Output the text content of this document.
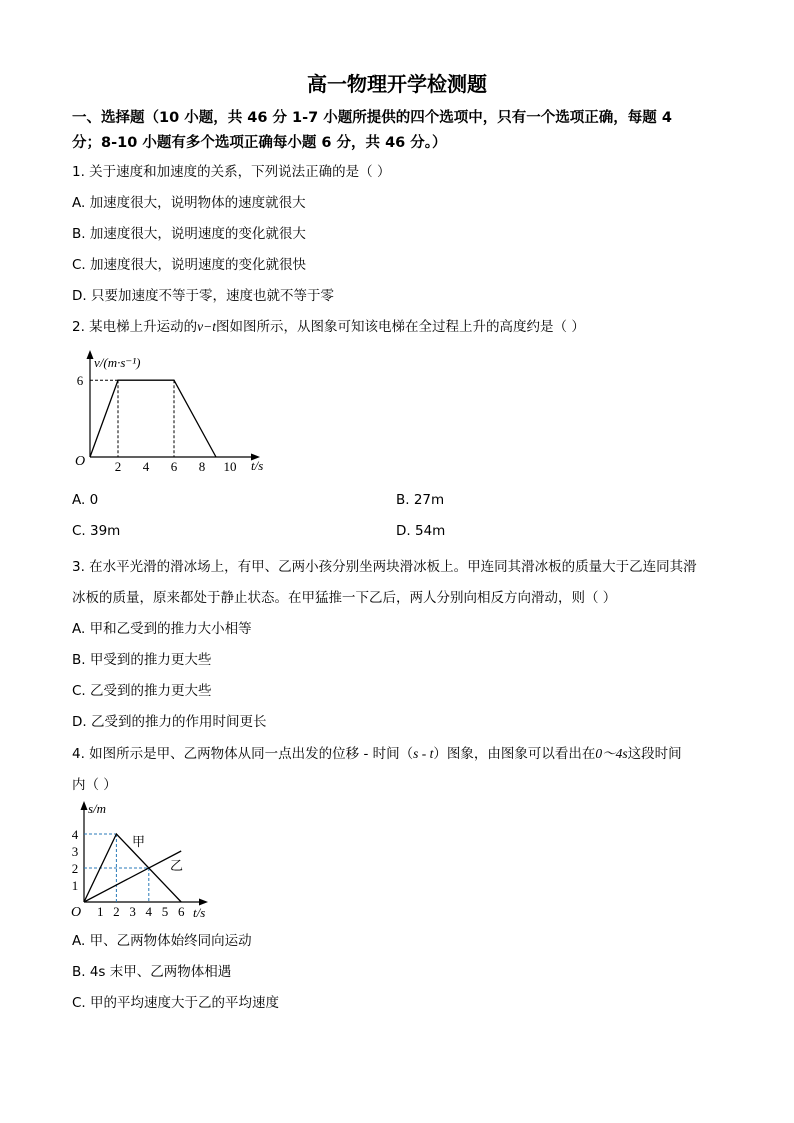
高一物理开学检测题
一、选择题（10 小题，共 46 分 1-7 小题所提供的四个选项中，只有一个选项正确，每题 4
分；8-10 小题有多个选项正确每小题 6 分，共 46 分。）
1. 关于速度和加速度的关系，下列说法正确的是（ ）
A. 加速度很大，说明物体的速度就很大
B. 加速度很大，说明速度的变化就很大
C. 加速度很大，说明速度的变化就很快
D. 只要加速度不等于零，速度也就不等于零
2. 某电梯上升运动的v−t图如图所示，从图象可知该电梯在全过程上升的高度约是（ ）
2 4 6 8 10
6
v/(m·s⁻¹)
t/s
O
A. 0	B. 27m
C. 39m	D. 54m
3. 在水平光滑的滑冰场上，有甲、乙两小孩分别坐两块滑冰板上。甲连同其滑冰板的质量大于乙连同其滑
冰板的质量，原来都处于静止状态。在甲猛推一下乙后，两人分别向相反方向滑动，则（ ）
A. 甲和乙受到的推力大小相等
B. 甲受到的推力更大些
C. 乙受到的推力更大些
D. 乙受到的推力的作用时间更长
4. 如图所示是甲、乙两物体从同一点出发的位移 - 时间（s - t）图象，由图象可以看出在0～4s这段时间
内（ ）
1 2 3 4 5 6
1
2
3
4
s/m
t/s
O
甲
乙
A. 甲、乙两物体始终同向运动
B. 4s 末甲、乙两物体相遇
C. 甲的平均速度大于乙的平均速度
